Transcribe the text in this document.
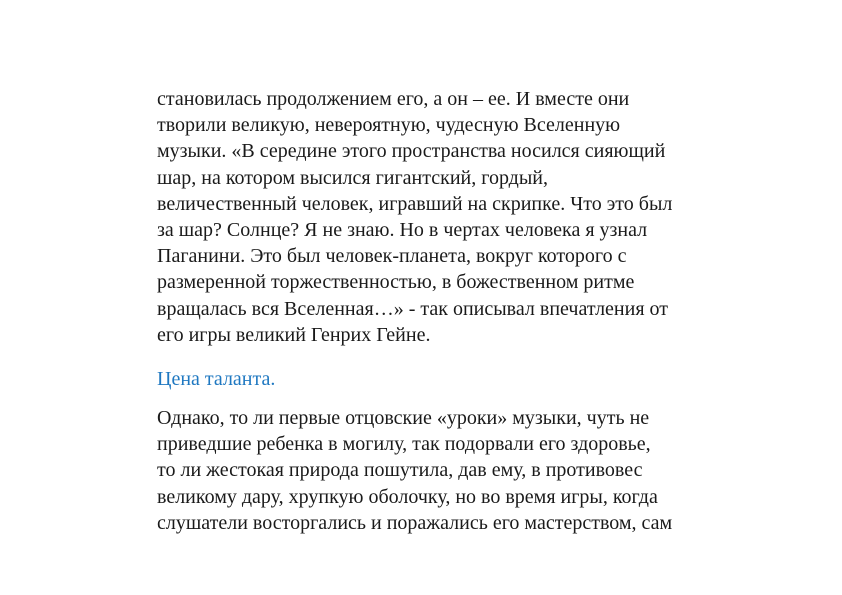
становилась продолжением его, а он – ее. И вместе они
творили великую, невероятную, чудесную Вселенную
музыки. «В середине этого пространства носился сияющий
шар, на котором высился гигантский, гордый,
величественный человек, игравший на скрипке. Что это был
за шар? Солнце? Я не знаю. Но в чертах человека я узнал
Паганини. Это был человек-планета, вокруг которого с
размеренной торжественностью, в божественном ритме
вращалась вся Вселенная…» - так описывал впечатления от
его игры великий Генрих Гейне.
Цена таланта.
Однако, то ли первые отцовские «уроки» музыки, чуть не
приведшие ребенка в могилу, так подорвали его здоровье,
то ли жестокая природа пошутила, дав ему, в противовес
великому дару, хрупкую оболочку, но во время игры, когда
слушатели восторгались и поражались его мастерством, сам
